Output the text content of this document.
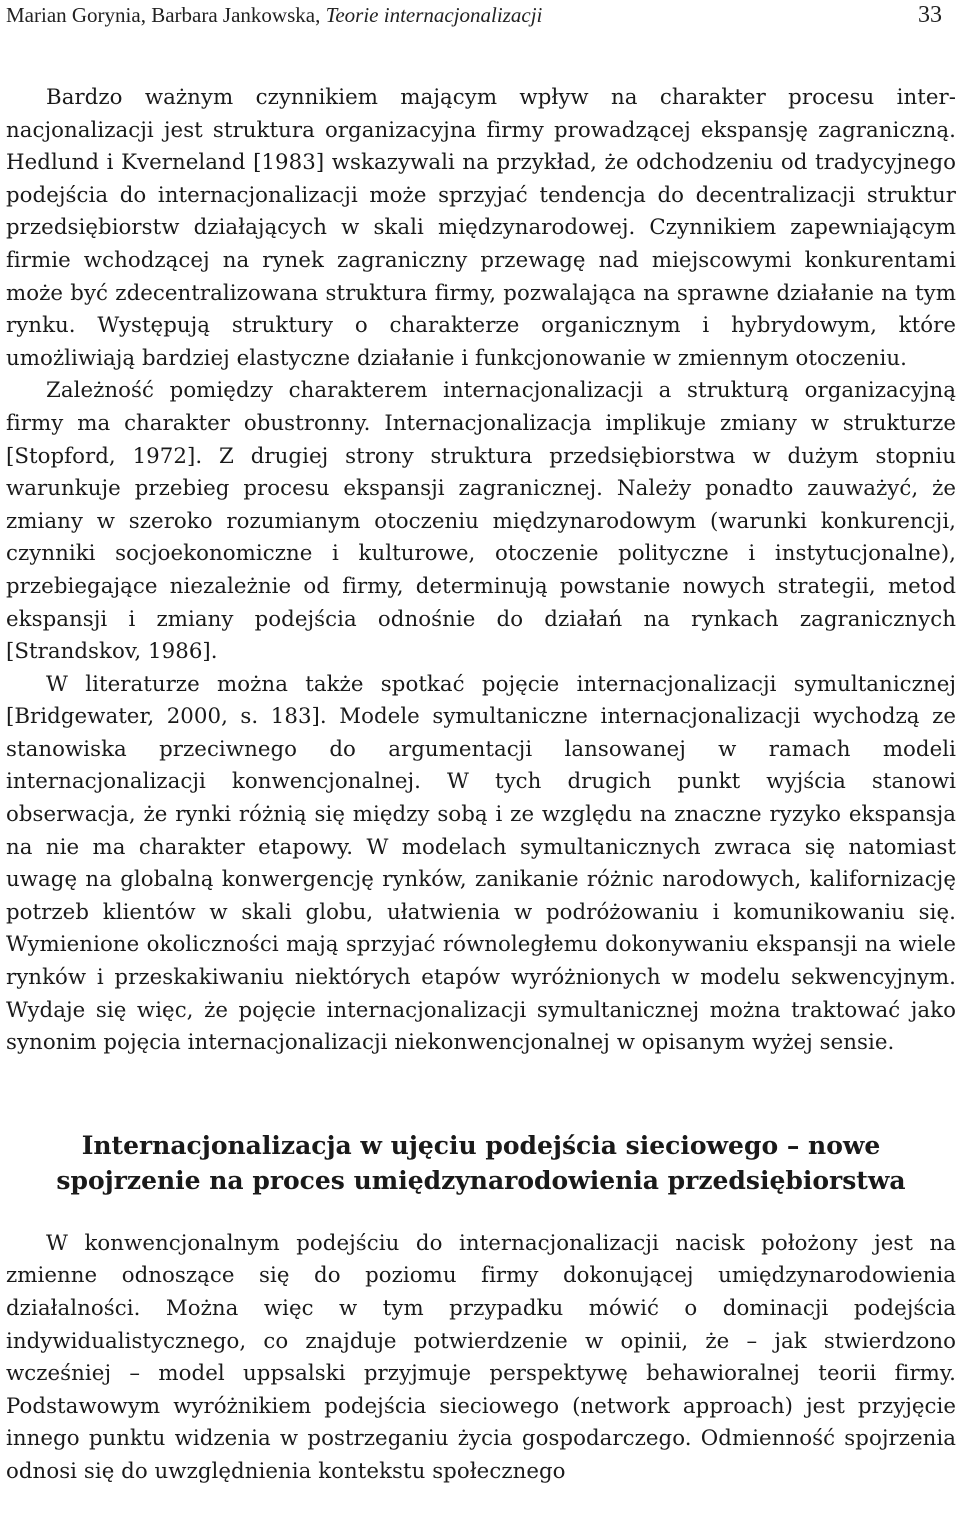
Marian Gorynia, Barbara Jankowska, Teorie internacjonalizacji	33

Bardzo ważnym czynnikiem mającym wpływ na charakter procesu internacjonalizacji jest struktura organizacyjna firmy prowadzącej ekspansję zagraniczną. Hedlund i Kverneland [1983] wskazywali na przykład, że odchodzeniu od tradycyjnego podejścia do internacjonalizacji może sprzyjać tendencja do decentralizacji struktur przedsiębiorstw działających w skali międzynarodowej. Czynnikiem zapewniającym firmie wchodzącej na rynek zagraniczny przewagę nad miejscowymi konkurentami może być zdecentralizowana struktura firmy, pozwalająca na sprawne działanie na tym rynku. Występują struktury o charakterze organicznym i hybrydowym, które umożliwiają bardziej elastyczne działanie i funkcjonowanie w zmiennym otoczeniu.

Zależność pomiędzy charakterem internacjonalizacji a strukturą organizacyjną firmy ma charakter obustronny. Internacjonalizacja implikuje zmiany w strukturze [Stopford, 1972]. Z drugiej strony struktura przedsiębiorstwa w dużym stopniu warunkuje przebieg procesu ekspansji zagranicznej. Należy ponadto zauważyć, że zmiany w szeroko rozumianym otoczeniu międzynarodowym (warunki konkurencji, czynniki socjoekonomiczne i kulturowe, otoczenie polityczne i instytucjonalne), przebiegające niezależnie od firmy, determinują powstanie nowych strategii, metod ekspansji i zmiany podejścia odnośnie do działań na rynkach zagranicznych [Strandskov, 1986].

W literaturze można także spotkać pojęcie internacjonalizacji symultanicznej [Bridgewater, 2000, s. 183]. Modele symultaniczne internacjonalizacji wychodzą ze stanowiska przeciwnego do argumentacji lansowanej w ramach modeli internacjonalizacji konwencjonalnej. W tych drugich punkt wyjścia stanowi obserwacja, że rynki różnią się między sobą i ze względu na znaczne ryzyko ekspansja na nie ma charakter etapowy. W modelach symultanicznych zwraca się natomiast uwagę na globalną konwergencję rynków, zanikanie różnic narodowych, kalifornizację potrzeb klientów w skali globu, ułatwienia w podróżowaniu i komunikowaniu się. Wymienione okoliczności mają sprzyjać równoległemu dokonywaniu ekspansji na wiele rynków i przeskakiwaniu niektórych etapów wyróżnionych w modelu sekwencyjnym. Wydaje się więc, że pojęcie internacjonalizacji symultanicznej można traktować jako synonim pojęcia internacjonalizacji niekonwencjonalnej w opisanym wyżej sensie.

Internacjonalizacja w ujęciu podejścia sieciowego – nowe spojrzenie na proces umiędzynarodowienia przedsiębiorstwa

W konwencjonalnym podejściu do internacjonalizacji nacisk położony jest na zmienne odnoszące się do poziomu firmy dokonującej umiędzynarodowienia działalności. Można więc w tym przypadku mówić o dominacji podejścia indywidualistycznego, co znajduje potwierdzenie w opinii, że – jak stwierdzono wcześniej – model uppsalski przyjmuje perspektywę behawioralnej teorii firmy. Podstawowym wyróżnikiem podejścia sieciowego (network approach) jest przyjęcie innego punktu widzenia w postrzeganiu życia gospodarczego. Odmienność spojrzenia odnosi się do uwzględnienia kontekstu społecznego
